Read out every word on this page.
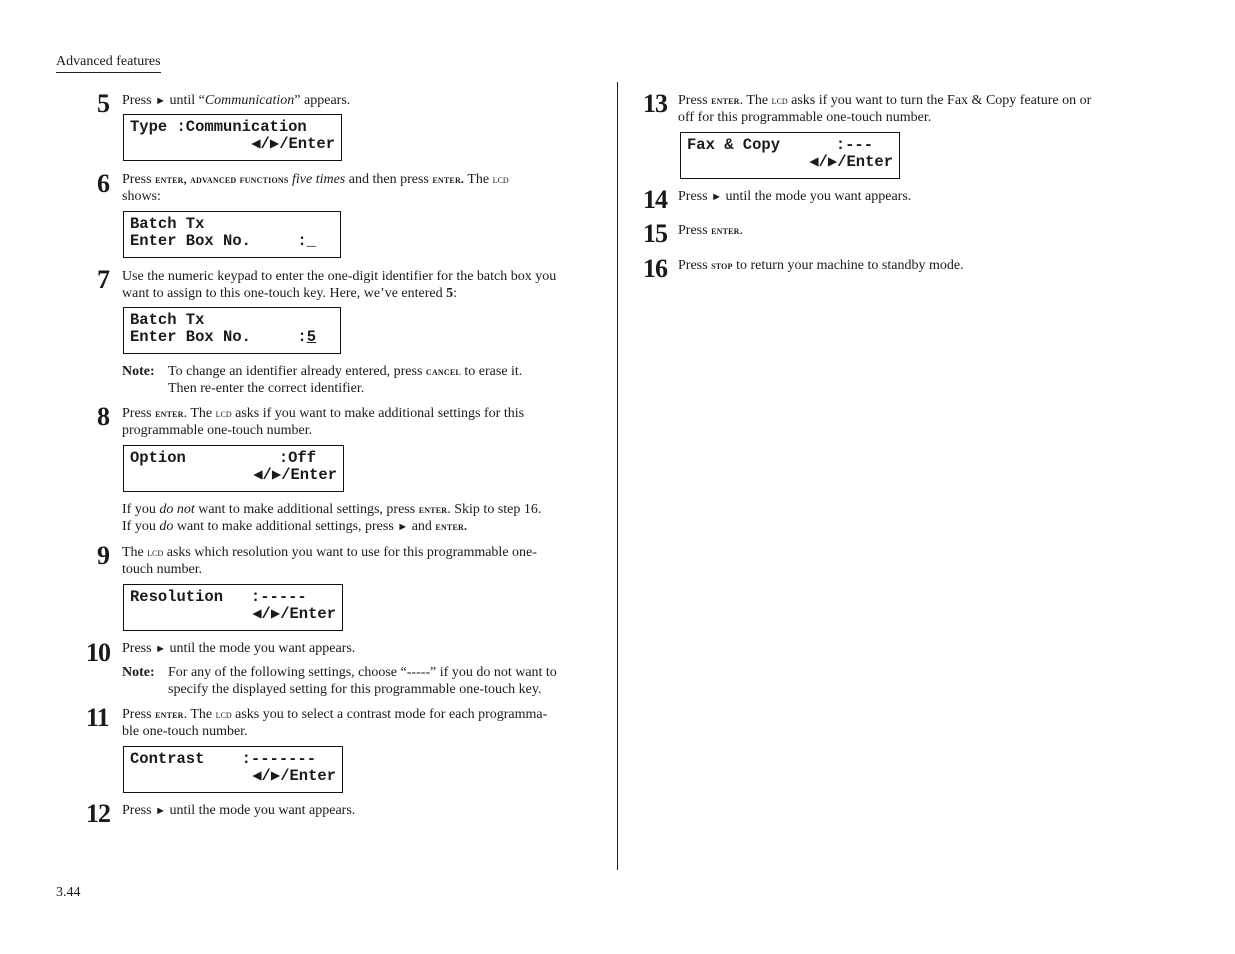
Advanced features
5 Press ► until “Communication” appears.
Type :Communication
◀/▶/Enter
6 Press enter, advanced functions five times and then press enter. The lcd
shows:
Batch Tx
Enter Box No.     :_
7 Use the numeric keypad to enter the one-digit identifier for the batch box you
want to assign to this one-touch key. Here, we’ve entered 5:
Batch Tx
Enter Box No.     :5
Note: To change an identifier already entered, press cancel to erase it.
Then re-enter the correct identifier.
8 Press enter. The lcd asks if you want to make additional settings for this
programmable one-touch number.
Option          :Off
◀/▶/Enter
If you do not want to make additional settings, press enter. Skip to step 16.
If you do want to make additional settings, press ► and enter.
9 The lcd asks which resolution you want to use for this programmable one-
touch number.
Resolution   :-----
◀/▶/Enter
10 Press ► until the mode you want appears.
Note: For any of the following settings, choose “-----” if you do not want to
specify the displayed setting for this programmable one-touch key.
11 Press enter. The lcd asks you to select a contrast mode for each programma-
ble one-touch number.
Contrast    :-------
◀/▶/Enter
12 Press ► until the mode you want appears.
13 Press enter. The lcd asks if you want to turn the Fax & Copy feature on or
off for this programmable one-touch number.
Fax & Copy      :---
◀/▶/Enter
14 Press ► until the mode you want appears.
15 Press enter.
16 Press stop to return your machine to standby mode.
3.44
